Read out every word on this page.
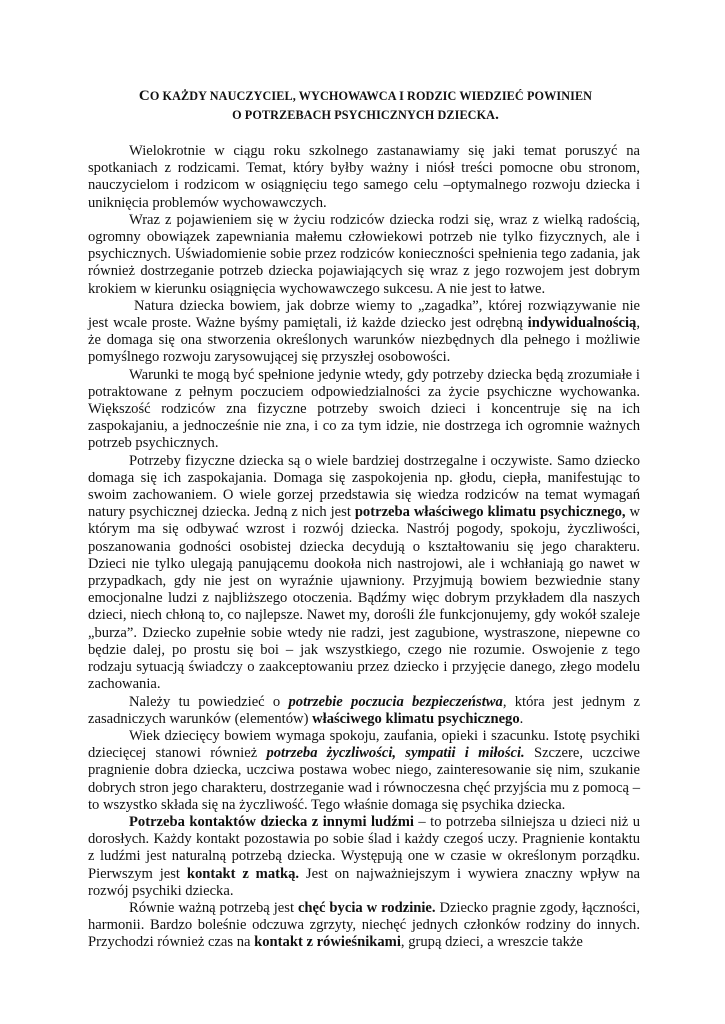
CO KAŻDY NAUCZYCIEL, WYCHOWAWCA I RODZIC WIEDZIEĆ POWINIEN
O POTRZEBACH PSYCHICZNYCH DZIECKA.

Wielokrotnie w ciągu roku szkolnego zastanawiamy się jaki temat poruszyć na spotkaniach z rodzicami. Temat, który byłby ważny i niósł treści pomocne obu stronom, nauczycielom i rodzicom w osiągnięciu tego samego celu –optymalnego rozwoju dziecka i uniknięcia problemów wychowawczych.

Wraz z pojawieniem się w życiu rodziców dziecka rodzi się, wraz z wielką radością, ogromny obowiązek zapewniania małemu człowiekowi potrzeb nie tylko fizycznych, ale i psychicznych. Uświadomienie sobie przez rodziców konieczności spełnienia tego zadania, jak również dostrzeganie potrzeb dziecka pojawiających się wraz z jego rozwojem jest dobrym krokiem w kierunku osiągnięcia wychowawczego sukcesu. A nie jest to łatwe.

Natura dziecka bowiem, jak dobrze wiemy to „zagadka”, której rozwiązywanie nie jest wcale proste. Ważne byśmy pamiętali, iż każde dziecko jest odrębną indywidualnością, że domaga się ona stworzenia określonych warunków niezbędnych dla pełnego i możliwie pomyślnego rozwoju zarysowującej się przyszłej osobowości.

Warunki te mogą być spełnione jedynie wtedy, gdy potrzeby dziecka będą zrozumiałe i potraktowane z pełnym poczuciem odpowiedzialności za życie psychiczne wychowanka. Większość rodziców zna fizyczne potrzeby swoich dzieci i koncentruje się na ich zaspokajaniu, a jednocześnie nie zna, i co za tym idzie, nie dostrzega ich ogromnie ważnych potrzeb psychicznych.

Potrzeby fizyczne dziecka są o wiele bardziej dostrzegalne i oczywiste. Samo dziecko domaga się ich zaspokajania. Domaga się zaspokojenia np. głodu, ciepła, manifestując to swoim zachowaniem. O wiele gorzej przedstawia się wiedza rodziców na temat wymagań natury psychicznej dziecka. Jedną z nich jest potrzeba właściwego klimatu psychicznego, w którym ma się odbywać wzrost i rozwój dziecka. Nastrój pogody, spokoju, życzliwości, poszanowania godności osobistej dziecka decydują o kształtowaniu się jego charakteru. Dzieci nie tylko ulegają panującemu dookoła nich nastrojowi, ale i wchłaniają go nawet w przypadkach, gdy nie jest on wyraźnie ujawniony. Przyjmują bowiem bezwiednie stany emocjonalne ludzi z najbliższego otoczenia. Bądźmy więc dobrym przykładem dla naszych dzieci, niech chłoną to, co najlepsze. Nawet my, dorośli źle funkcjonujemy, gdy wokół szaleje „burza”. Dziecko zupełnie sobie wtedy nie radzi, jest zagubione, wystraszone, niepewne co będzie dalej, po prostu się boi – jak wszystkiego, czego nie rozumie. Oswojenie z tego rodzaju sytuacją świadczy o zaakceptowaniu przez dziecko i przyjęcie danego, złego modelu zachowania.

Należy tu powiedzieć o potrzebie poczucia bezpieczeństwa, która jest jednym z zasadniczych warunków (elementów) właściwego klimatu psychicznego.

Wiek dziecięcy bowiem wymaga spokoju, zaufania, opieki i szacunku. Istotę psychiki dziecięcej stanowi również potrzeba życzliwości, sympatii i miłości. Szczere, uczciwe pragnienie dobra dziecka, uczciwa postawa wobec niego, zainteresowanie się nim, szukanie dobrych stron jego charakteru, dostrzeganie wad i równoczesna chęć przyjścia mu z pomocą – to wszystko składa się na życzliwość. Tego właśnie domaga się psychika dziecka.

Potrzeba kontaktów dziecka z innymi ludźmi – to potrzeba silniejsza u dzieci niż u dorosłych. Każdy kontakt pozostawia po sobie ślad i każdy czegoś uczy. Pragnienie kontaktu z ludźmi jest naturalną potrzebą dziecka. Występują one w czasie w określonym porządku. Pierwszym jest kontakt z matką. Jest on najważniejszym i wywiera znaczny wpływ na rozwój psychiki dziecka.

Równie ważną potrzebą jest chęć bycia w rodzinie. Dziecko pragnie zgody, łączności, harmonii. Bardzo boleśnie odczuwa zgrzyty, niechęć jednych członków rodziny do innych. Przychodzi również czas na kontakt z rówieśnikami, grupą dzieci, a wreszcie także
